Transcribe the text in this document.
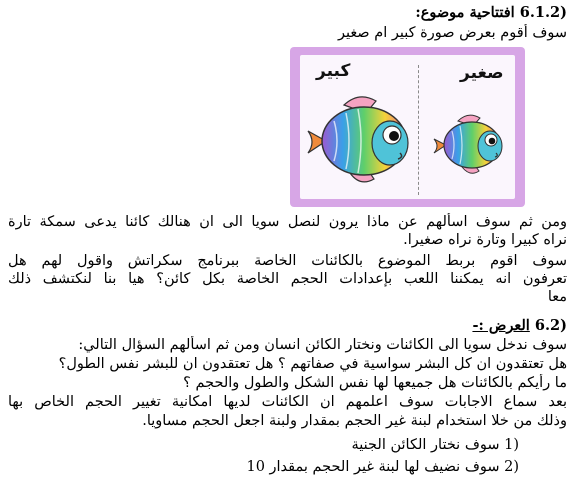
6.1.2) افتتاحية موضوع:
سوف أقوم بعرض صورة كبير ام صغير
كبير	صغير
ومن ثم سوف اسألهم عن ماذا يرون لنصل سويا الى ان هنالك كائنا يدعى سمكة تارة
نراه كبيرا وتارة نراه صغيرا.
سوف اقوم بربط الموضوع بالكائنات الخاصة ببرنامج سكراتش واقول لهم هل
تعرفون انه يمكننا اللعب بإعدادات الحجم الخاصة بكل كائن؟ هيا بنا لنكتشف ذلك
معا
6.2) العرض :-
سوف ندخل سويا الى الكائنات ونختار الكائن انسان ومن ثم اسألهم السؤال التالي:
هل تعتقدون ان كل البشر سواسية في صفاتهم ؟ هل تعتقدون ان للبشر نفس الطول؟
ما رأيكم بالكائنات هل جميعها لها نفس الشكل والطول والحجم ؟
بعد سماع الاجابات سوف اعلمهم ان الكائنات لديها امكانية تغيير الحجم الخاص بها
وذلك من خلا استخدام لبنة غير الحجم بمقدار ولبنة اجعل الحجم مساويا.
1) سوف نختار الكائن الجنية
2) سوف نضيف لها لبنة غير الحجم بمقدار 10
